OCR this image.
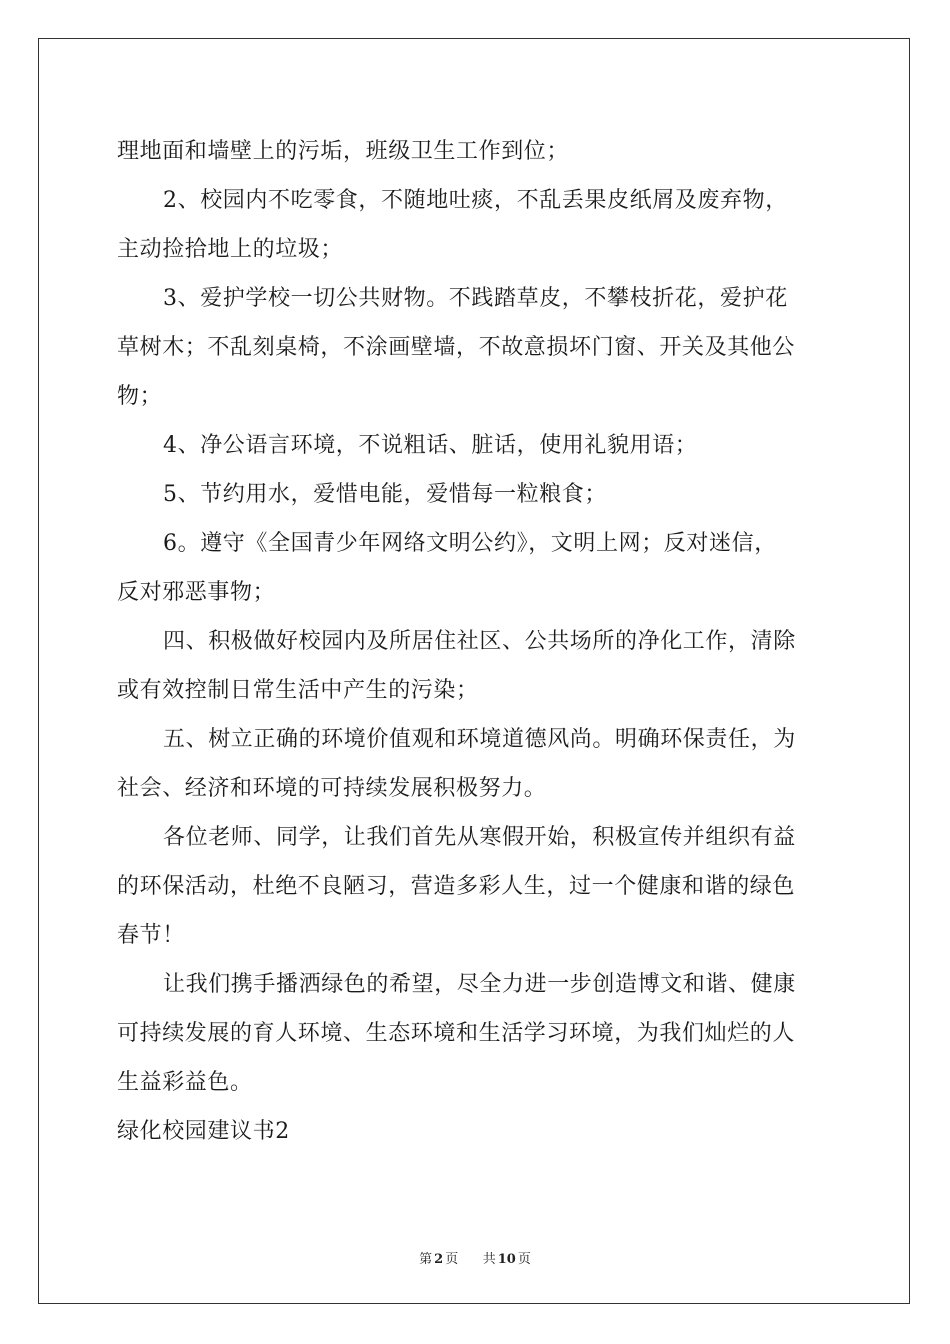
理地面和墙壁上的污垢，班级卫生工作到位；
2、校园内不吃零食，不随地吐痰，不乱丢果皮纸屑及废弃物，
主动捡拾地上的垃圾；
3、爱护学校一切公共财物。不践踏草皮，不攀枝折花，爱护花
草树木；不乱刻桌椅，不涂画壁墙，不故意损坏门窗、开关及其他公
物；
4、净公语言环境，不说粗话、脏话，使用礼貌用语；
5、节约用水，爱惜电能，爱惜每一粒粮食；
6。遵守《全国青少年网络文明公约》，文明上网；反对迷信，
反对邪恶事物；
四、积极做好校园内及所居住社区、公共场所的净化工作，清除
或有效控制日常生活中产生的污染；
五、树立正确的环境价值观和环境道德风尚。明确环保责任，为
社会、经济和环境的可持续发展积极努力。
各位老师、同学，让我们首先从寒假开始，积极宣传并组织有益
的环保活动，杜绝不良陋习，营造多彩人生，过一个健康和谐的绿色
春节！
让我们携手播洒绿色的希望，尽全力进一步创造博文和谐、健康
可持续发展的育人环境、生态环境和生活学习环境，为我们灿烂的人
生益彩益色。
绿化校园建议书2
第 2 页 共 10 页
